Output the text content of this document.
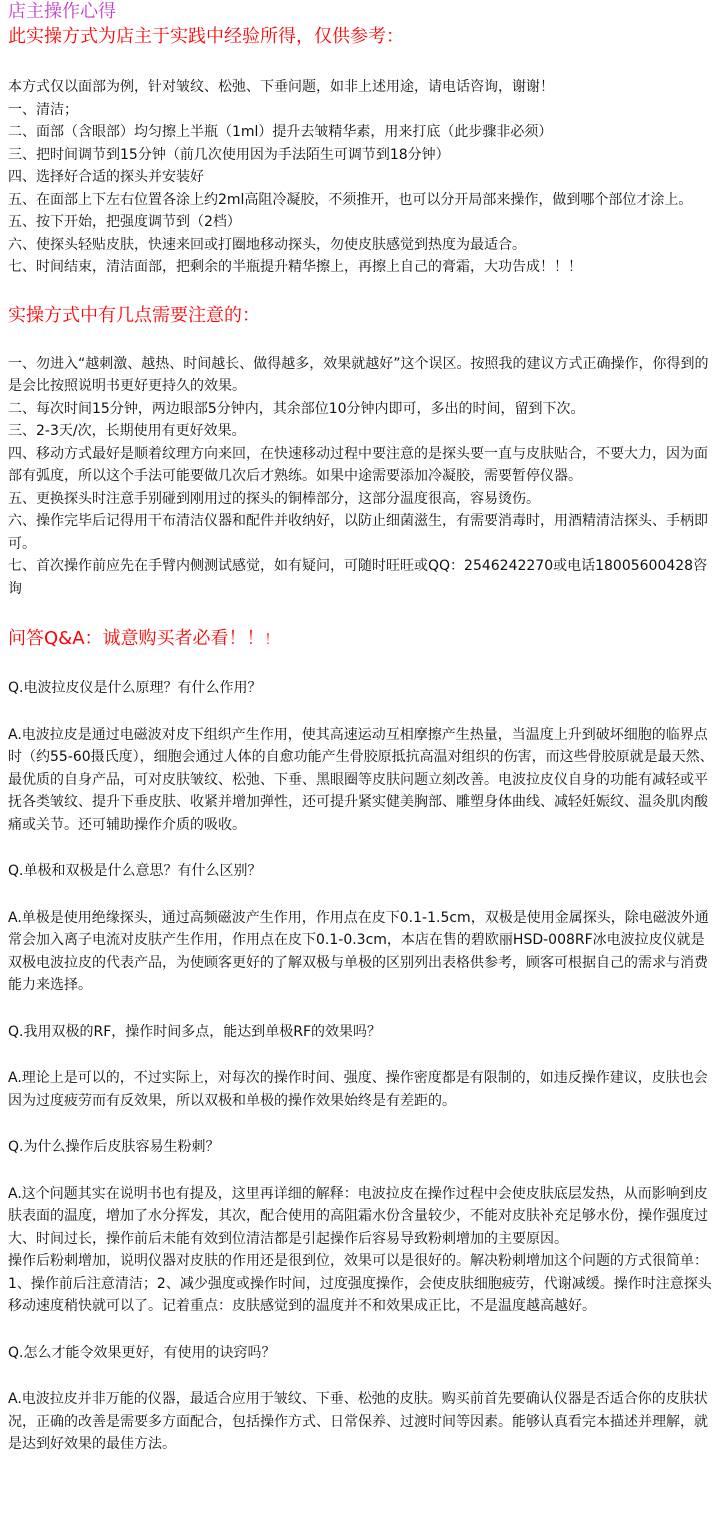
店主操作心得
此实操方式为店主于实践中经验所得，仅供参考：
本方式仅以面部为例，针对皱纹、松弛、下垂问题，如非上述用途，请电话咨询，谢谢！
一、清洁；
二、面部（含眼部）均匀擦上半瓶（1ml）提升去皱精华素，用来打底（此步骤非必须）
三、把时间调节到15分钟（前几次使用因为手法陌生可调节到18分钟）
四、选择好合适的探头并安装好
五、在面部上下左右位置各涂上约2ml高阻冷凝胶，不须推开，也可以分开局部来操作，做到哪个部位才涂上。
五、按下开始，把强度调节到（2档）
六、使探头轻贴皮肤，快速来回或打圈地移动探头，勿使皮肤感觉到热度为最适合。
七、时间结束，清洁面部，把剩余的半瓶提升精华擦上，再擦上自己的膏霜，大功告成！！！
实操方式中有几点需要注意的：
一、勿进入“越刺激、越热、时间越长、做得越多，效果就越好”这个误区。按照我的建议方式正确操作，你得到的是会比按照说明书更好更持久的效果。
二、每次时间15分钟，两边眼部5分钟内，其余部位10分钟内即可，多出的时间，留到下次。
三、2-3天/次，长期使用有更好效果。
四、移动方式最好是顺着纹理方向来回，在快速移动过程中要注意的是探头要一直与皮肤贴合，不要大力，因为面部有弧度，所以这个手法可能要做几次后才熟练。如果中途需要添加冷凝胶，需要暂停仪器。
五、更换探头时注意手别碰到刚用过的探头的铜棒部分，这部分温度很高，容易烫伤。
六、操作完毕后记得用干布清洁仪器和配件并收纳好，以防止细菌滋生，有需要消毒时，用酒精清洁探头、手柄即可。
七、首次操作前应先在手臂内侧测试感觉，如有疑问，可随时旺旺或QQ：2546242270或电话18005600428咨询
问答Q&A：诚意购买者必看！！！
Q.电波拉皮仪是什么原理？有什么作用？
A.电波拉皮是通过电磁波对皮下组织产生作用，使其高速运动互相摩擦产生热量，当温度上升到破坏细胞的临界点时（约55-60摄氏度），细胞会通过人体的自愈功能产生骨胶原抵抗高温对组织的伤害，而这些骨胶原就是最天然、最优质的自身产品，可对皮肤皱纹、松弛、下垂、黑眼圈等皮肤问题立刻改善。电波拉皮仪自身的功能有减轻或平抚各类皱纹、提升下垂皮肤、收紧并增加弹性，还可提升紧实健美胸部、雕塑身体曲线、减轻妊娠纹、温灸肌肉酸痛或关节。还可辅助操作介质的吸收。
Q.单极和双极是什么意思？有什么区别？
A.单极是使用绝缘探头，通过高频磁波产生作用，作用点在皮下0.1-1.5cm，双极是使用金属探头，除电磁波外通常会加入离子电流对皮肤产生作用，作用点在皮下0.1-0.3cm，本店在售的碧欧丽HSD-008RF冰电波拉皮仪就是双极电波拉皮的代表产品，为使顾客更好的了解双极与单极的区别列出表格供参考，顾客可根据自己的需求与消费能力来选择。
Q.我用双极的RF，操作时间多点，能达到单极RF的效果吗？
A.理论上是可以的，不过实际上，对每次的操作时间、强度、操作密度都是有限制的，如违反操作建议，皮肤也会因为过度疲劳而有反效果，所以双极和单极的操作效果始终是有差距的。
Q.为什么操作后皮肤容易生粉刺？
A.这个问题其实在说明书也有提及，这里再详细的解释：电波拉皮在操作过程中会使皮肤底层发热，从而影响到皮肤表面的温度，增加了水分挥发，其次，配合使用的高阻霜水份含量较少，不能对皮肤补充足够水份，操作强度过大、时间过长，操作前后未能有效到位清洁都是引起操作后容易导致粉刺增加的主要原因。
操作后粉刺增加，说明仪器对皮肤的作用还是很到位，效果可以是很好的。解决粉刺增加这个问题的方式很简单：1、操作前后注意清洁；2、减少强度或操作时间，过度强度操作，会使皮肤细胞疲劳，代谢减缓。操作时注意探头移动速度稍快就可以了。记着重点：皮肤感觉到的温度并不和效果成正比，不是温度越高越好。
Q.怎么才能令效果更好，有使用的诀窍吗？
A.电波拉皮并非万能的仪器，最适合应用于皱纹、下垂、松弛的皮肤。购买前首先要确认仪器是否适合你的皮肤状况，正确的改善是需要多方面配合，包括操作方式、日常保养、过渡时间等因素。能够认真看完本描述并理解，就是达到好效果的最佳方法。
